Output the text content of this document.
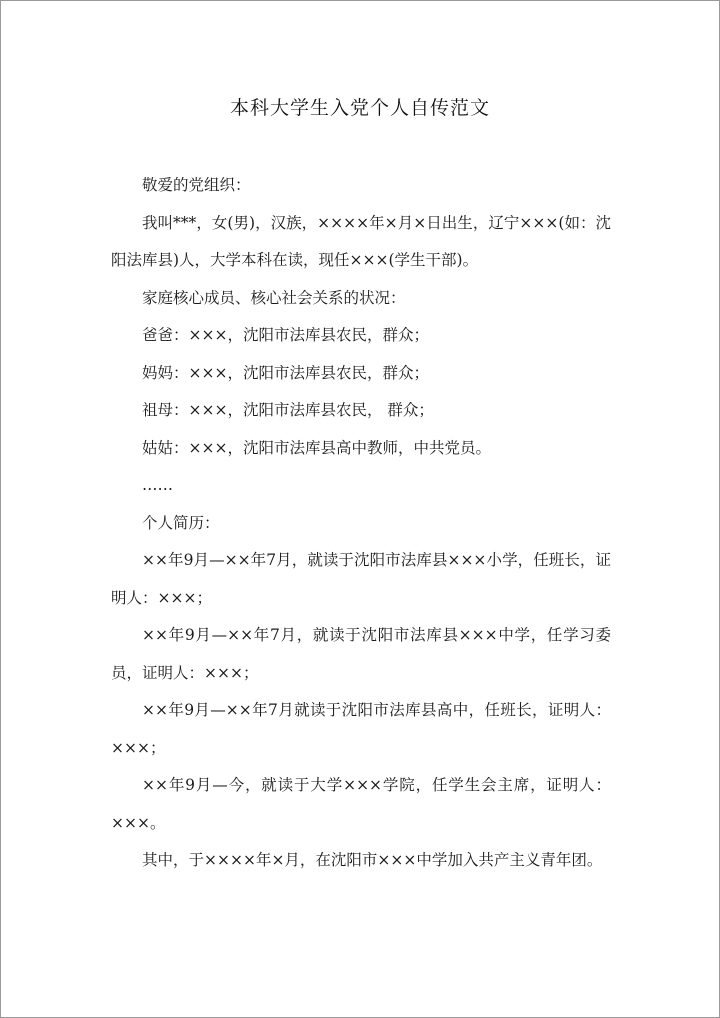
本科大学生入党个人自传范文

敬爱的党组织：

我叫***，女(男)，汉族，××××年×月×日出生，辽宁×××(如：沈阳法库县)人，大学本科在读，现任×××(学生干部)。

家庭核心成员、核心社会关系的状况：

爸爸：×××，沈阳市法库县农民，群众；

妈妈：×××，沈阳市法库县农民，群众；

祖母：×××，沈阳市法库县农民， 群众；

姑姑：×××，沈阳市法库县高中教师，中共党员。

……

个人简历：

××年9月—××年7月，就读于沈阳市法库县×××小学，任班长，证明人：×××；

××年9月—××年7月，就读于沈阳市法库县×××中学，任学习委员，证明人：×××；

××年9月—××年7月就读于沈阳市法库县高中，任班长，证明人：×××；

××年9月—今，就读于大学×××学院，任学生会主席，证明人：×××。

其中，于××××年×月，在沈阳市×××中学加入共产主义青年团。
